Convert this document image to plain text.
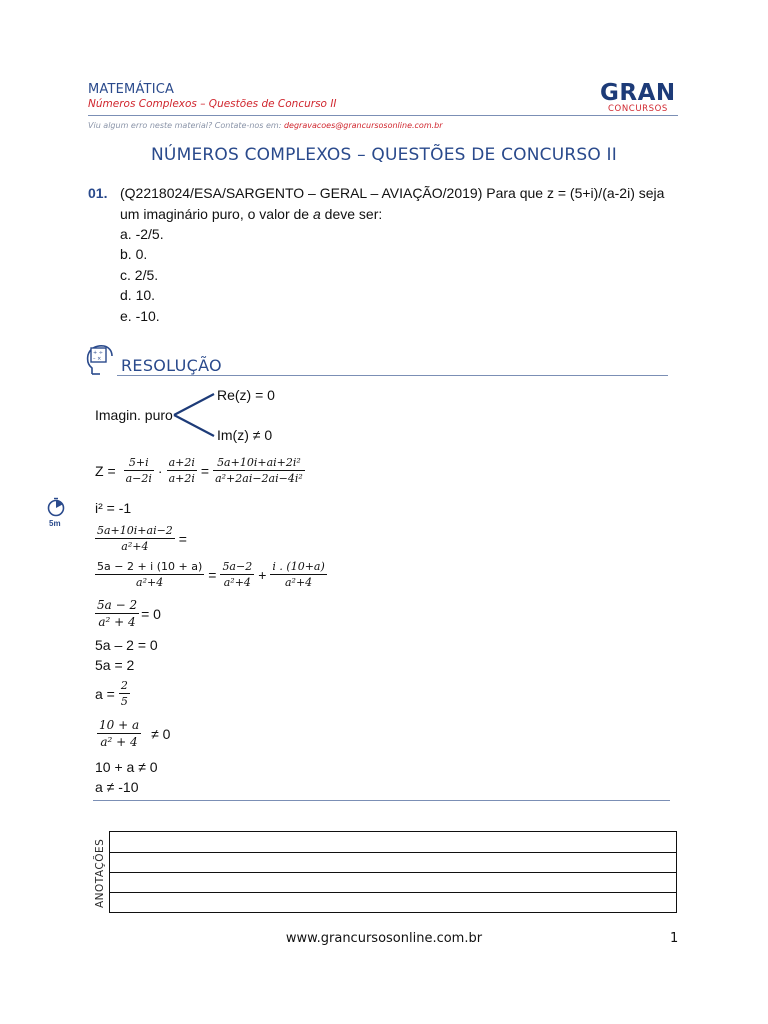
MATEMÁTICA
Números Complexos – Questões de Concurso II
Viu algum erro neste material? Contate-nos em: degravacoes@grancursosonline.com.br
GRAN
CONCURSOS
NÚMEROS COMPLEXOS – QUESTÕES DE CONCURSO II
01. (Q2218024/ESA/SARGENTO – GERAL – AVIAÇÃO/2019) Para que z = (5+i)/(a-2i) seja
um imaginário puro, o valor de a deve ser:
a. -2/5.
b. 0.
c. 2/5.
d. 10.
e. -10.
+ ÷
– × RESOLUÇÃO
Imagin. puro
Re(z) = 0
Im(z) ≠ 0
$Z = \frac{5+i}{a-2i} \cdot \frac{a+2i}{a+2i} = \frac{\text{5a+10i+ai+2i²}}{\text{a²+2ai−2ai−4i²}}$
5m
i² = -1
$\frac{5a+10i+ai-2}{\text{a²+4}}$ =
$\frac{5a - 2 + i (10 + a)}{\text{a²+4}} = \frac{5a-2}{\text{a²+4}} + \frac{i . (10+a)}{\text{a²+4}}$
$\frac{5a - 2}{\text{a² + 4}} = 0$
5a – 2 = 0
5a = 2
$a = \frac{2}{5}$
$\frac{10 + a}{\text{a² + 4}} \ne 0$
10 + a ≠ 0
a ≠ -10
ANOTAÇÕES
www.grancursosonline.com.br	1
